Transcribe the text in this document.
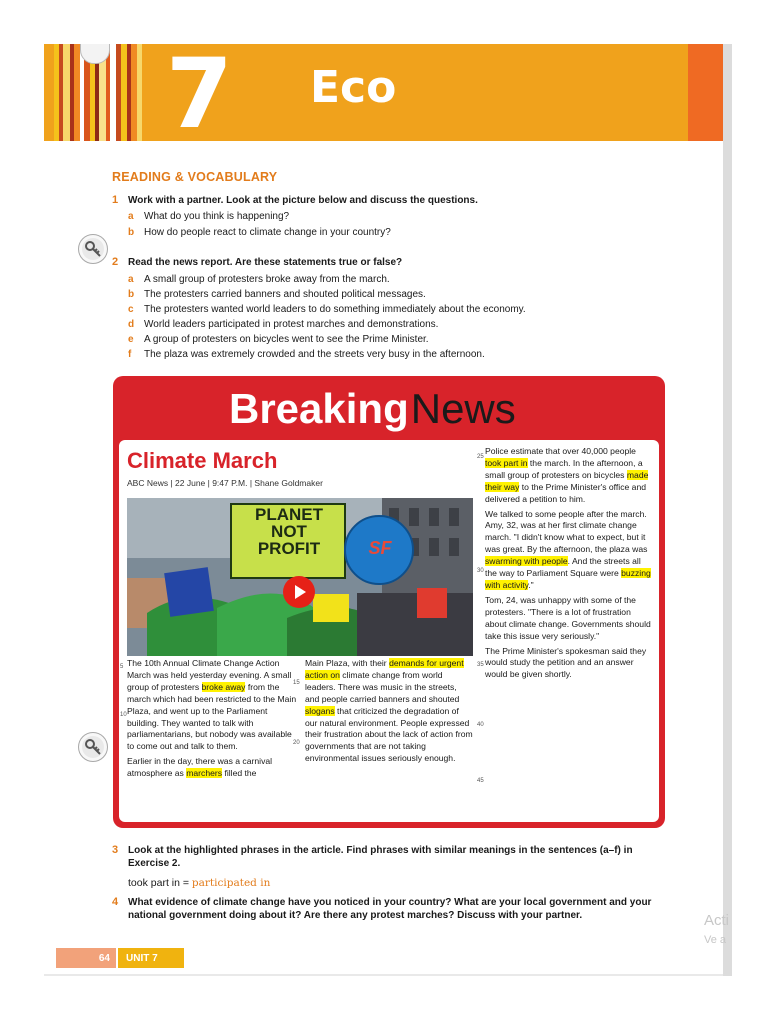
7 Eco
READING & VOCABULARY
1 Work with a partner. Look at the picture below and discuss the questions.
a What do you think is happening?
b How do people react to climate change in your country?
2 Read the news report. Are these statements true or false?
a A small group of protesters broke away from the march.
b The protesters carried banners and shouted political messages.
c The protesters wanted world leaders to do something immediately about the economy.
d World leaders participated in protest marches and demonstrations.
e A group of protesters on bicycles went to see the Prime Minister.
f The plaza was extremely crowded and the streets very busy in the afternoon.
BreakingNews
Climate March
ABC News | 22 June | 9:47 P.M. | Shane Goldmaker
PLANET
NOT
PROFIT	SF
5
10
15
20
25
30
35
40
45
The 10th Annual Climate Change Action March was held yesterday evening. A small group of protesters broke away from the march which had been restricted to the Main Plaza, and went up to the Parliament building. They wanted to talk with parliamentarians, but nobody was available to come out and talk to them.
Earlier in the day, there was a carnival atmosphere as marchers filled the
Main Plaza, with their demands for urgent action on climate change from world leaders. There was music in the streets, and people carried banners and shouted slogans that criticized the degradation of our natural environment. People expressed their frustration about the lack of action from governments that are not taking environmental issues seriously enough.
Police estimate that over 40,000 people took part in the march. In the afternoon, a small group of protesters on bicycles made their way to the Prime Minister's office and delivered a petition to him.
We talked to some people after the march. Amy, 32, was at her first climate change march. "I didn't know what to expect, but it was great. By the afternoon, the plaza was swarming with people. And the streets all the way to Parliament Square were buzzing with activity."
Tom, 24, was unhappy with some of the protesters. "There is a lot of frustration about climate change. Governments should take this issue very seriously."
The Prime Minister's spokesman said they would study the petition and an answer would be given shortly.
3 Look at the highlighted phrases in the article. Find phrases with similar meanings in the sentences (a–f) in Exercise 2.
took part in = participated in
4 What evidence of climate change have you noticed in your country? What are your local government and your national government doing about it? Are there any protest marches? Discuss with your partner.
64	UNIT 7
Acti
Ve a
